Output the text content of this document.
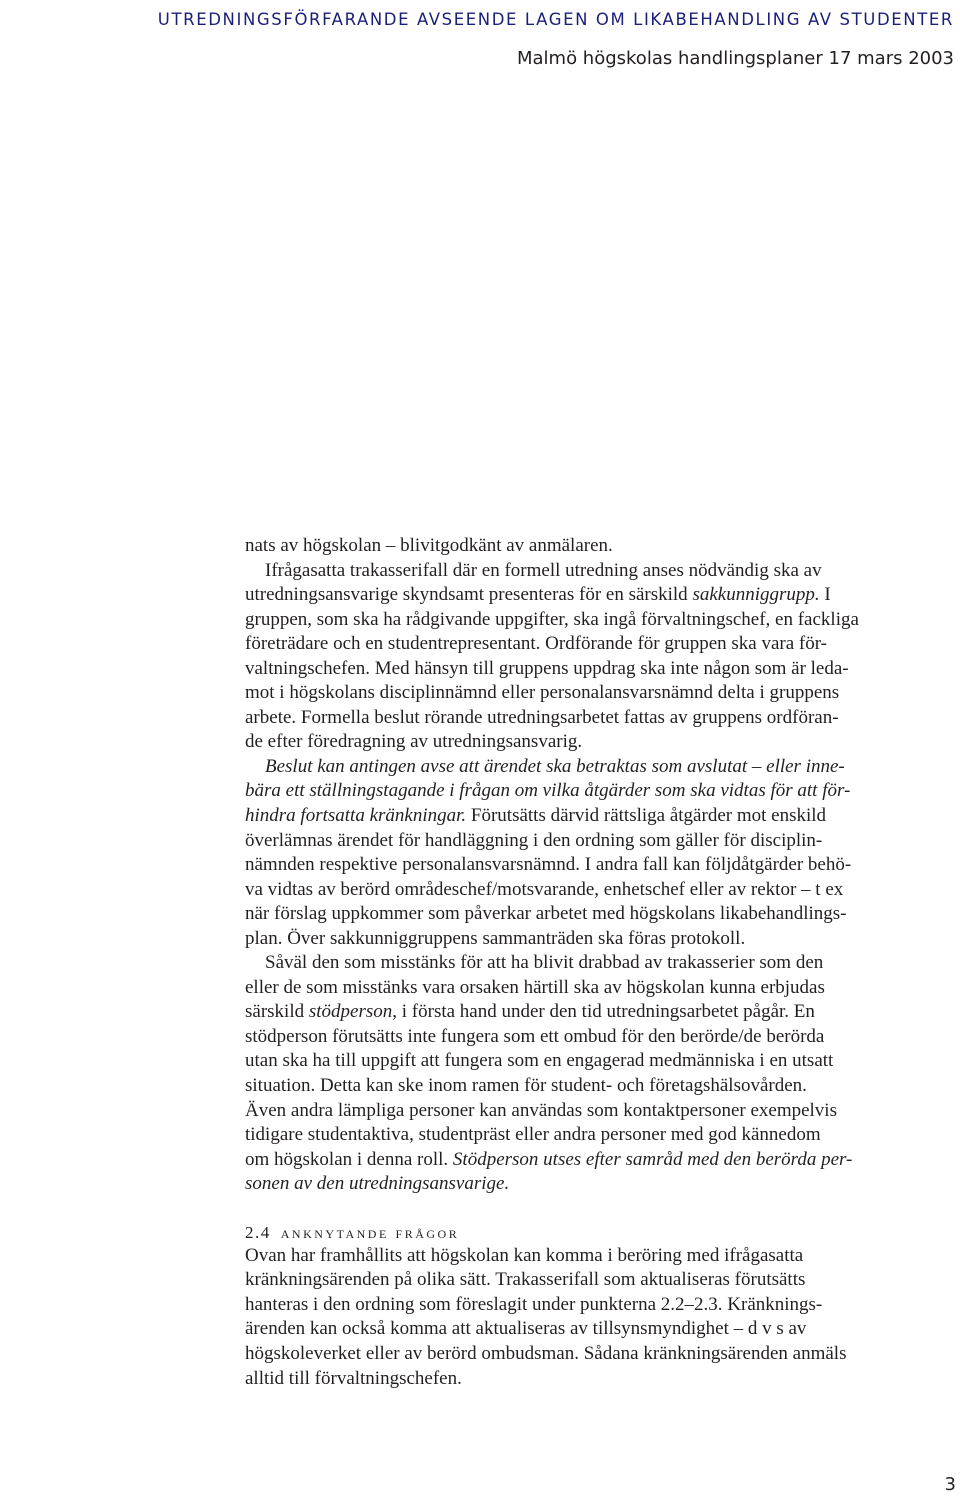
UTREDNINGSFÖRFARANDE AVSEENDE LAGEN OM LIKABEHANDLING AV STUDENTER
Malmö högskolas handlingsplaner 17 mars 2003
nats av högskolan – blivitgodkänt av anmälaren.
Ifrågasatta trakasserifall där en formell utredning anses nödvändig ska av
utredningsansvarige skyndsamt presenteras för en särskild sakkunniggrupp. I
gruppen, som ska ha rådgivande uppgifter, ska ingå förvaltningschef, en fackliga
företrädare och en studentrepresentant. Ordförande för gruppen ska vara för-
valtningschefen. Med hänsyn till gruppens uppdrag ska inte någon som är leda-
mot i högskolans disciplinnämnd eller personalansvarsnämnd delta i gruppens
arbete. Formella beslut rörande utredningsarbetet fattas av gruppens ordföran-
de efter föredragning av utredningsansvarig.
Beslut kan antingen avse att ärendet ska betraktas som avslutat – eller inne-
bära ett ställningstagande i frågan om vilka åtgärder som ska vidtas för att för-
hindra fortsatta kränkningar. Förutsätts därvid rättsliga åtgärder mot enskild
överlämnas ärendet för handläggning i den ordning som gäller för disciplin-
nämnden respektive personalansvarsnämnd. I andra fall kan följdåtgärder behö-
va vidtas av berörd områdeschef/motsvarande, enhetschef eller av rektor – t ex
när förslag uppkommer som påverkar arbetet med högskolans likabehandlings-
plan. Över sakkunniggruppens sammanträden ska föras protokoll.
Såväl den som misstänks för att ha blivit drabbad av trakasserier som den
eller de som misstänks vara orsaken härtill ska av högskolan kunna erbjudas
särskild stödperson, i första hand under den tid utredningsarbetet pågår. En
stödperson förutsätts inte fungera som ett ombud för den berörde/de berörda
utan ska ha till uppgift att fungera som en engagerad medmänniska i en utsatt
situation. Detta kan ske inom ramen för student- och företagshälsovården.
Även andra lämpliga personer kan användas som kontaktpersoner exempelvis
tidigare studentaktiva, studentpräst eller andra personer med god kännedom
om högskolan i denna roll. Stödperson utses efter samråd med den berörda per-
sonen av den utredningsansvarige.
2.4 anknytande frågor
Ovan har framhållits att högskolan kan komma i beröring med ifrågasatta
kränkningsärenden på olika sätt. Trakasserifall som aktualiseras förutsätts
hanteras i den ordning som föreslagit under punkterna 2.2–2.3. Kränknings-
ärenden kan också komma att aktualiseras av tillsynsmyndighet – d v s av
högskoleverket eller av berörd ombudsman. Sådana kränkningsärenden anmäls
alltid till förvaltningschefen.
3
